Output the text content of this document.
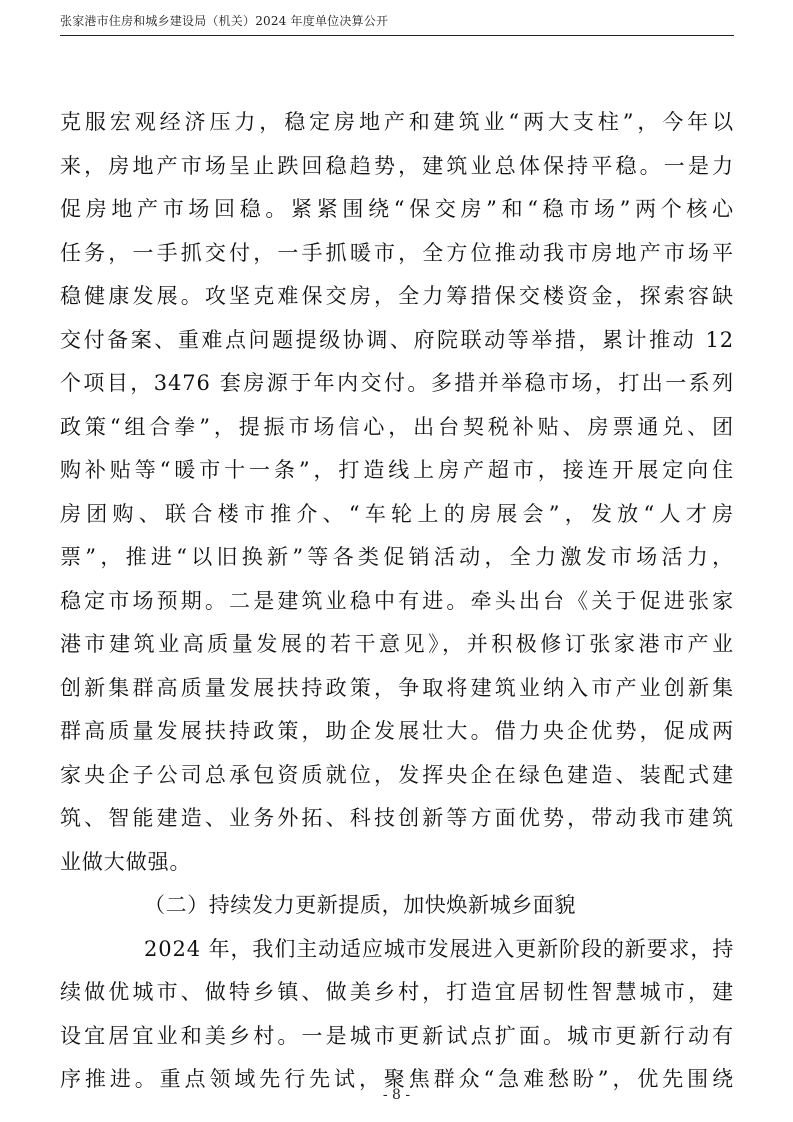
张家港市住房和城乡建设局（机关）2024 年度单位决算公开
克服宏观经济压力，稳定房地产和建筑业“两大支柱”，今年以
来，房地产市场呈止跌回稳趋势，建筑业总体保持平稳。一是力
促房地产市场回稳。紧紧围绕“保交房”和“稳市场”两个核心
任务，一手抓交付，一手抓暖市，全方位推动我市房地产市场平
稳健康发展。攻坚克难保交房，全力筹措保交楼资金，探索容缺
交付备案、重难点问题提级协调、府院联动等举措，累计推动 12
个项目，3476 套房源于年内交付。多措并举稳市场，打出一系列
政策“组合拳”，提振市场信心，出台契税补贴、房票通兑、团
购补贴等“暖市十一条”，打造线上房产超市，接连开展定向住
房团购、联合楼市推介、“车轮上的房展会”，发放“人才房
票”，推进“以旧换新”等各类促销活动，全力激发市场活力，
稳定市场预期。二是建筑业稳中有进。牵头出台《关于促进张家
港市建筑业高质量发展的若干意见》，并积极修订张家港市产业
创新集群高质量发展扶持政策，争取将建筑业纳入市产业创新集
群高质量发展扶持政策，助企发展壮大。借力央企优势，促成两
家央企子公司总承包资质就位，发挥央企在绿色建造、装配式建
筑、智能建造、业务外拓、科技创新等方面优势，带动我市建筑
业做大做强。
（二）持续发力更新提质，加快焕新城乡面貌
2024 年，我们主动适应城市发展进入更新阶段的新要求，持
续做优城市、做特乡镇、做美乡村，打造宜居韧性智慧城市，建
设宜居宜业和美乡村。一是城市更新试点扩面。城市更新行动有
序推进。重点领域先行先试，聚焦群众“急难愁盼”，优先围绕
- 8 -
